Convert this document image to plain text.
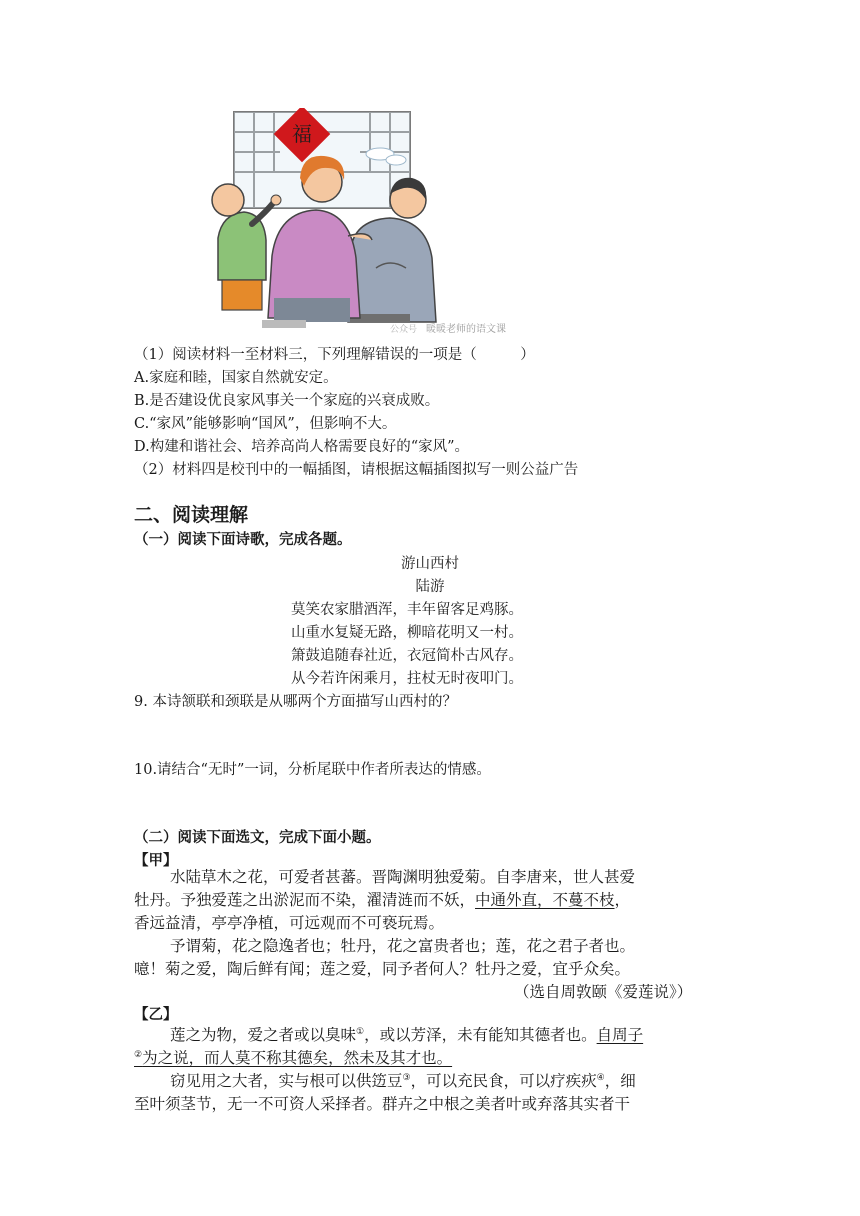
福
暖暖老师的语文课
公众号
（1）阅读材料一至材料三，下列理解错误的一项是（　　　）
A.家庭和睦，国家自然就安定。
B.是否建设优良家风事关一个家庭的兴衰成败。
C.“家风”能够影响“国风”，但影响不大。
D.构建和谐社会、培养高尚人格需要良好的“家风”。
（2）材料四是校刊中的一幅插图，请根据这幅插图拟写一则公益广告
二、阅读理解
（一）阅读下面诗歌，完成各题。
游山西村
陆游
莫笑农家腊酒浑，丰年留客足鸡豚。
山重水复疑无路，柳暗花明又一村。
箫鼓追随春社近，衣冠简朴古风存。
从今若许闲乘月，拄杖无时夜叩门。
9. 本诗颔联和颈联是从哪两个方面描写山西村的？
10.请结合“无时”一词，分析尾联中作者所表达的情感。
（二）阅读下面选文，完成下面小题。
【甲】
水陆草木之花，可爱者甚蕃。晋陶渊明独爱菊。自李唐来，世人甚爱
牡丹。予独爱莲之出淤泥而不染，濯清涟而不妖，中通外直，不蔓不枝，
香远益清，亭亭净植，可远观而不可亵玩焉。
予谓菊，花之隐逸者也；牡丹，花之富贵者也；莲，花之君子者也。
噫！菊之爱，陶后鲜有闻；莲之爱，同予者何人？牡丹之爱，宜乎众矣。
（选自周敦颐《爱莲说》）
【乙】
莲之为物，爱之者或以臭味①，或以芳泽，未有能知其德者也。自周子
②为之说，而人莫不称其德矣，然未及其才也。
窃见用之大者，实与根可以供笾豆③，可以充民食，可以疗疾疢④，细
至叶须茎节，无一不可资人采择者。群卉之中根之美者叶或弃落其实者干
